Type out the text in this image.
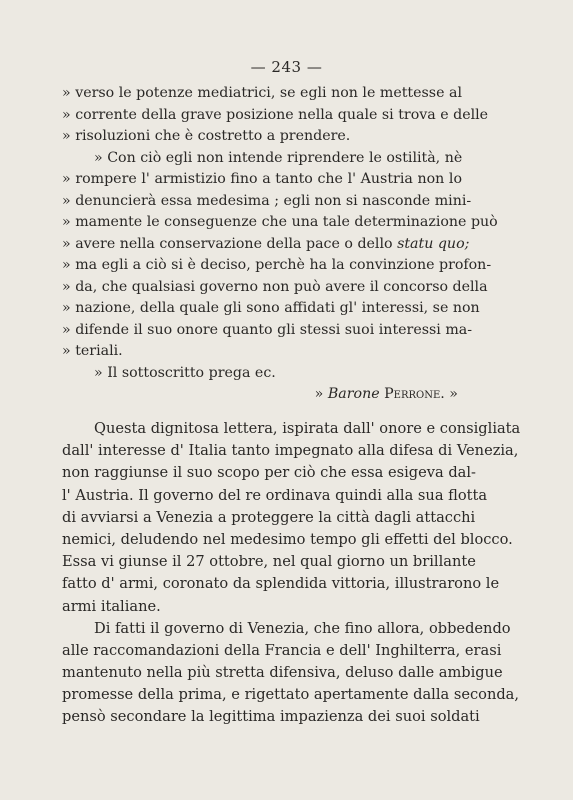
— 243 —
» verso le potenze mediatrici, se egli non le mettesse al
» corrente della grave posizione nella quale si trova e delle
» risoluzioni che è costretto a prendere.
» Con ciò egli non intende riprendere le ostilità, nè
» rompere l' armistizio fino a tanto che l' Austria non lo
» denuncierà essa medesima ; egli non si nasconde mini-
» mamente le conseguenze che una tale determinazione può
» avere nella conservazione della pace o dello statu quo;
» ma egli a ciò si è deciso, perchè ha la convinzione profon-
» da, che qualsiasi governo non può avere il concorso della
» nazione, della quale gli sono affidati gl' interessi, se non
» difende il suo onore quanto gli stessi suoi interessi ma-
» teriali.
» Il sottoscritto prega ec.
» Barone Perrone. »
Questa dignitosa lettera, ispirata dall' onore e consigliata
dall' interesse d' Italia tanto impegnato alla difesa di Venezia,
non raggiunse il suo scopo per ciò che essa esigeva dal-
l' Austria. Il governo del re ordinava quindi alla sua flotta
di avviarsi a Venezia a proteggere la città dagli attacchi
nemici, deludendo nel medesimo tempo gli effetti del blocco.
Essa vi giunse il 27 ottobre, nel qual giorno un brillante
fatto d' armi, coronato da splendida vittoria, illustrarono le
armi italiane.
Di fatti il governo di Venezia, che fino allora, obbedendo
alle raccomandazioni della Francia e dell' Inghilterra, erasi
mantenuto nella più stretta difensiva, deluso dalle ambigue
promesse della prima, e rigettato apertamente dalla seconda,
pensò secondare la legittima impazienza dei suoi soldati
